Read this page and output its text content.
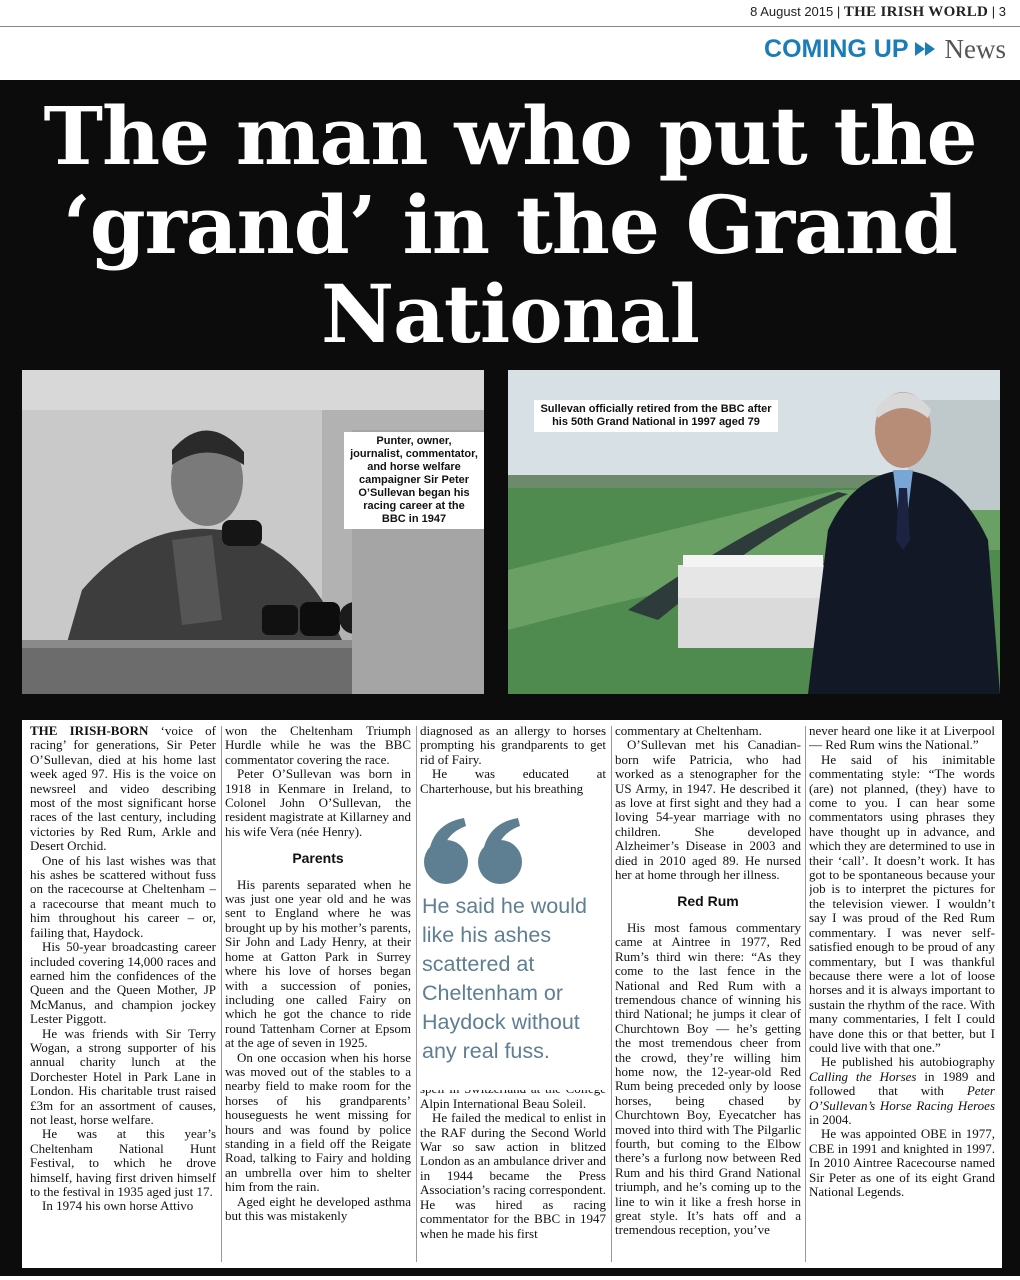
8 August 2015 | THE IRISH WORLD | 3
COMING UP News
The man who put the ‘grand’ in the Grand National
Punter, owner, journalist, commentator, and horse welfare campaigner Sir Peter O’Sullevan began his racing career at the BBC in 1947
Sullevan officially retired from the BBC after his 50th Grand National in 1997 aged 79

THE IRISH-BORN ‘voice of racing’ for generations, Sir Peter O’Sullevan, died at his home last week aged 97. His is the voice on newsreel and video describing most of the most significant horse races of the last century, including victories by Red Rum, Arkle and Desert Orchid.

One of his last wishes was that his ashes be scattered without fuss on the racecourse at Cheltenham – a racecourse that meant much to him throughout his career – or, failing that, Haydock.

His 50-year broadcasting career included covering 14,000 races and earned him the confidences of the Queen and the Queen Mother, JP McManus, and champion jockey Lester Piggott.

He was friends with Sir Terry Wogan, a strong supporter of his annual charity lunch at the Dorchester Hotel in Park Lane in London. His charitable trust raised £3m for an assortment of causes, not least, horse welfare.

He was at this year’s Cheltenham National Hunt Festival, to which he drove himself, having first driven himself to the festival in 1935 aged just 17.

In 1974 his own horse Attivo

won the Cheltenham Triumph Hurdle while he was the BBC commentator covering the race.

Peter O’Sullevan was born in 1918 in Kenmare in Ireland, to Colonel John O’Sullevan, the resident magistrate at Killarney and his wife Vera (née Henry).

Parents

His parents separated when he was just one year old and he was sent to England where he was brought up by his mother’s parents, Sir John and Lady Henry, at their home at Gatton Park in Surrey where his love of horses began with a succession of ponies, including one called Fairy on which he got the chance to ride round Tattenham Corner at Epsom at the age of seven in 1925.

On one occasion when his horse was moved out of the stables to a nearby field to make room for the horses of his grandparents’ houseguests he went missing for hours and was found by police standing in a field off the Reigate Road, talking to Fairy and holding an umbrella over him to shelter him from the rain.

Aged eight he developed asthma but this was mistakenly

diagnosed as an allergy to horses prompting his grandparents to get rid of Fairy.

He was educated at Charterhouse, but his breathing

Alpin International Beau Soleil.

He failed the medical to enlist in the RAF during the Second World War so saw action in blitzed London as an ambulance driver and in 1944 became the Press Association’s racing correspondent. He was hired as racing commentator for the BBC in 1947 when he made his first

He said he would like his ashes scattered at Cheltenham or Haydock without any real fuss.

commentary at Cheltenham.

O’Sullevan met his Canadian-born wife Patricia, who had worked as a stenographer for the US Army, in 1947. He described it as love at first sight and they had a loving 54-year marriage with no children. She developed Alzheimer’s Disease in 2003 and died in 2010 aged 89. He nursed her at home through her illness.

Red Rum

His most famous commentary came at Aintree in 1977, Red Rum’s third win there: “As they come to the last fence in the National and Red Rum with a tremendous chance of winning his third National; he jumps it clear of Churchtown Boy — he’s getting the most tremendous cheer from the crowd, they’re willing him home now, the 12-year-old Red Rum being preceded only by loose horses, being chased by Churchtown Boy, Eyecatcher has moved into third with The Pilgarlic fourth, but coming to the Elbow there’s a furlong now between Red Rum and his third Grand National triumph, and he’s coming up to the line to win it like a fresh horse in great style. It’s hats off and a tremendous reception, you’ve

never heard one like it at Liverpool — Red Rum wins the National.”

He said of his inimitable commentating style: “The words (are) not planned, (they) have to come to you. I can hear some commentators using phrases they have thought up in advance, and which they are determined to use in their ‘call’. It doesn’t work. It has got to be spontaneous because your job is to interpret the pictures for the television viewer. I wouldn’t say I was proud of the Red Rum commentary. I was never self-satisfied enough to be proud of any commentary, but I was thankful because there were a lot of loose horses and it is always important to sustain the rhythm of the race. With many commentaries, I felt I could have done this or that better, but I could live with that one.”

He published his autobiography Calling the Horses in 1989 and followed that with Peter O’Sullevan’s Horse Racing Heroes in 2004.

He was appointed OBE in 1977, CBE in 1991 and knighted in 1997. In 2010 Aintree Racecourse named Sir Peter as one of its eight Grand National Legends.
